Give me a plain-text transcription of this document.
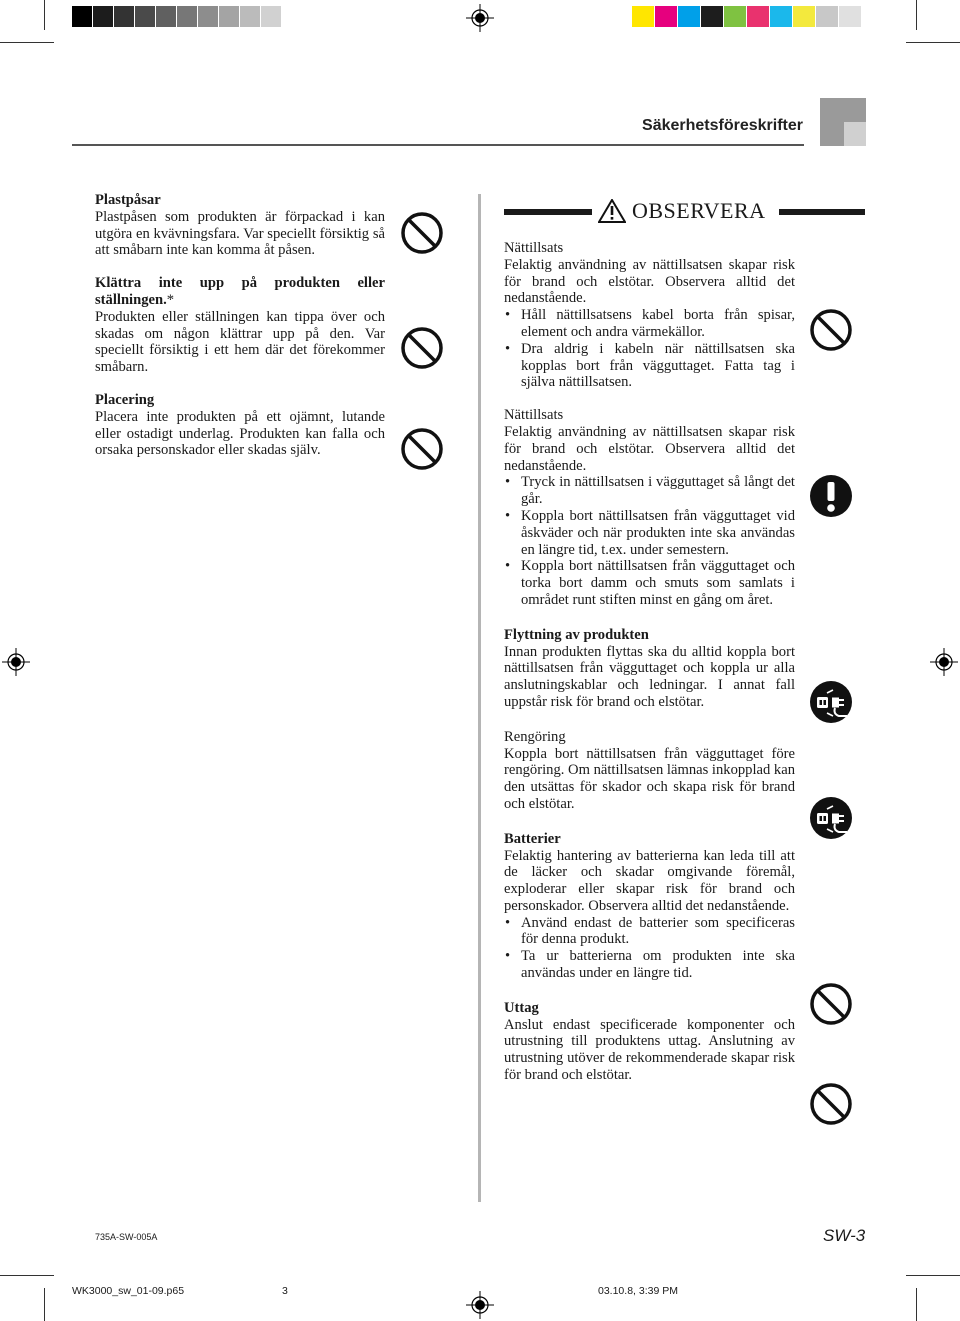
Säkerhetsföreskrifter
Plastpåsar

Plastpåsen som produkten är förpackad i kan utgöra en kvävningsfara. Var speciellt försiktig så att småbarn inte kan komma åt påsen.

Klättra inte upp på produkten eller ställningen.*

Produkten eller ställningen kan tippa över och skadas om någon klättrar upp på den. Var speciellt försiktig i ett hem där det förekommer småbarn.

Placering

Placera inte produkten på ett ojämnt, lutande eller ostadigt underlag. Produkten kan falla och orsaka personskador eller skadas själv.

OBSERVERA
Nättillsats

Felaktig användning av nättillsatsen skapar risk för brand och elstötar. Observera alltid det nedanstående.

• Håll nättillsatsens kabel borta från spisar, element och andra värmekällor.
• Dra aldrig i kabeln när nättillsatsen ska kopplas bort från vägguttaget. Fatta tag i själva nättillsatsen.
Nättillsats

Felaktig användning av nättillsatsen skapar risk för brand och elstötar. Observera alltid det nedanstående.

• Tryck in nättillsatsen i vägguttaget så långt det går.
• Koppla bort nättillsatsen från vägguttaget vid åskväder och när produkten inte ska användas en längre tid, t.ex. under semestern.
• Koppla bort nättillsatsen från vägguttaget och torka bort damm och smuts som samlats i området runt stiften minst en gång om året.
Flyttning av produkten

Innan produkten flyttas ska du alltid koppla bort nättillsatsen från vägguttaget och koppla ur alla anslutningskablar och ledningar. I annat fall uppstår risk för brand och elstötar.

Rengöring

Koppla bort nättillsatsen från vägguttaget före rengöring. Om nättillsatsen lämnas inkopplad kan den utsättas för skador och skapa risk för brand och elstötar.

Batterier

Felaktig hantering av batterierna kan leda till att de läcker och skadar omgivande föremål, exploderar eller skapar risk för brand och personskador. Observera alltid det nedanstående.

• Använd endast de batterier som specificeras för denna produkt.
• Ta ur batterierna om produkten inte ska användas under en längre tid.
Uttag

Anslut endast specificerade komponenter och utrustning till produktens uttag. Anslutning av utrustning utöver de rekommenderade skapar risk för brand och elstötar.

735A-SW-005A	SW-3
WK3000_sw_01-09.p65	3	03.10.8, 3:39 PM
